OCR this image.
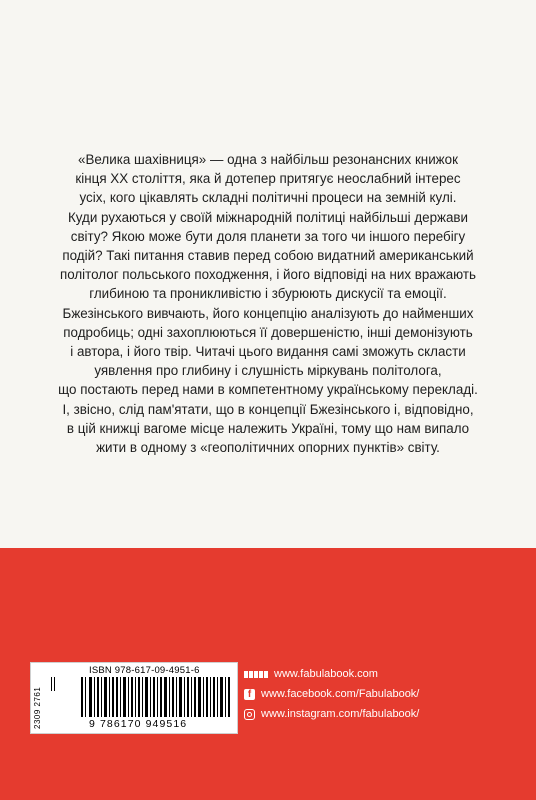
«Велика шахівниця» — одна з найбільш резонансних книжок

кінця XX століття, яка й дотепер притягує неослабний інтерес

усіх, кого цікавлять складні політичні процеси на земній кулі.

Куди рухаються у своїй міжнародній політиці найбільші держави

світу? Якою може бути доля планети за того чи іншого перебігу

подій? Такі питання ставив перед собою видатний американський

політолог польського походження, і його відповіді на них вражають

глибиною та проникливістю і збурюють дискусії та емоції.

Бжезінського вивчають, його концепцію аналізують до найменших

подробиць; одні захоплюються її довершеністю, інші демонізують

і автора, і його твір. Читачі цього видання самі зможуть скласти

уявлення про глибину і слушність міркувань політолога,

що постають перед нами в компетентному українському перекладі.

І, звісно, слід пам'ятати, що в концепції Бжезінського і, відповідно,

в цій книжці вагоме місце належить Україні, тому що нам випало

жити в одному з «геополітичних опорних пунктів» світу.

2309 2761
ISBN 978-617-09-4951-6
9 786170 949516
www.fabulabook.com
f www.facebook.com/Fabulabook/
www.instagram.com/fabulabook/
